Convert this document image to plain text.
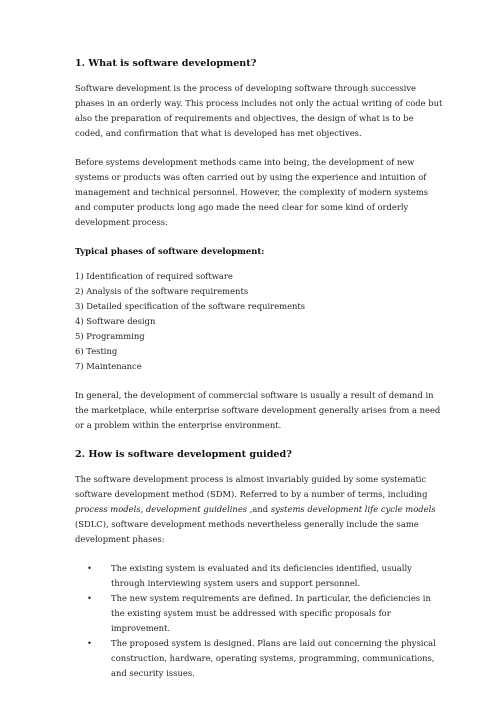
1. What is software development?

Software development is the process of developing software through successive phases in an orderly way. This process includes not only the actual writing of code but also the preparation of requirements and objectives, the design of what is to be coded, and confirmation that what is developed has met objectives.

Before systems development methods came into being, the development of new systems or products was often carried out by using the experience and intuition of management and technical personnel. However, the complexity of modern systems and computer products long ago made the need clear for some kind of orderly development process.

Typical phases of software development:

1) Identification of required software
2) Analysis of the software requirements
3) Detailed specification of the software requirements
4) Software design
5) Programming
6) Testing
7) Maintenance

In general, the development of commercial software is usually a result of demand in the marketplace, while enterprise software development generally arises from a need or a problem within the enterprise environment.

2. How is software development guided?

The software development process is almost invariably guided by some systematic software development method (SDM). Referred to by a number of terms, including process models, development guidelines ,and systems development life cycle models (SDLC), software development methods nevertheless generally include the same development phases:

• The existing system is evaluated and its deficiencies identified, usually through interviewing system users and support personnel.
• The new system requirements are defined. In particular, the deficiencies in the existing system must be addressed with specific proposals for improvement.
• The proposed system is designed. Plans are laid out concerning the physical construction, hardware, operating systems, programming, communications, and security issues.
